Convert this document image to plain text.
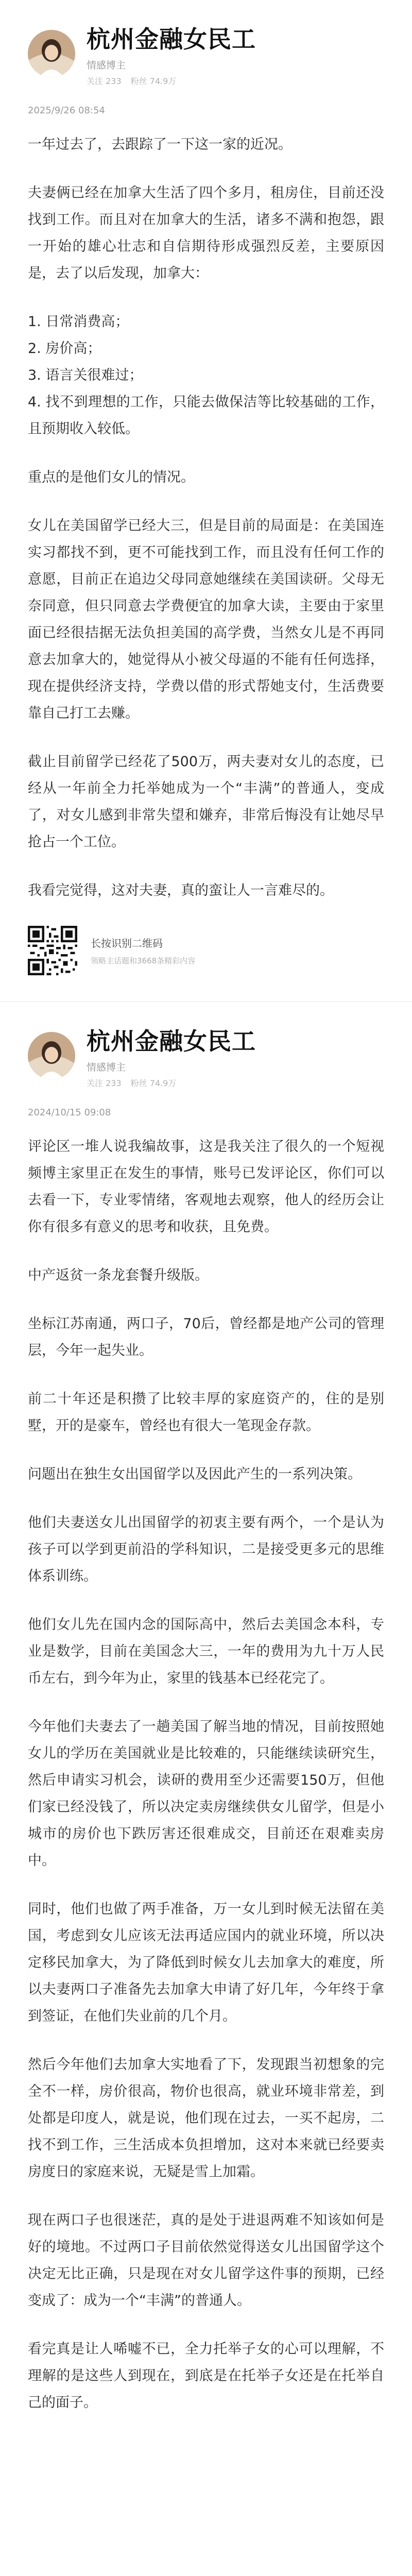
杭州金融女民工
情感博主
关注 233 粉丝 74.9万
2025/9/26 08:54

一年过去了，去跟踪了一下这一家的近况。

夫妻俩已经在加拿大生活了四个多月，租房住，目前还没找到工作。而且对在加拿大的生活，诸多不满和抱怨，跟一开始的雄心壮志和自信期待形成强烈反差，主要原因是，去了以后发现，加拿大：

1. 日常消费高；

2. 房价高；

3. 语言关很难过；

4. 找不到理想的工作，只能去做保洁等比较基础的工作，且预期收入较低。

重点的是他们女儿的情况。

女儿在美国留学已经大三，但是目前的局面是：在美国连实习都找不到，更不可能找到工作，而且没有任何工作的意愿，目前正在追边父母同意她继续在美国读研。父母无奈同意，但只同意去学费便宜的加拿大读，主要由于家里面已经很拮据无法负担美国的高学费，当然女儿是不再同意去加拿大的，她觉得从小被父母逼的不能有任何选择，现在提供经济支持，学费以借的形式帮她支付，生活费要靠自己打工去赚。

截止目前留学已经花了500万，两夫妻对女儿的态度，已经从一年前全力托举她成为一个“丰满”的普通人，变成了，对女儿感到非常失望和嫌弃，非常后悔没有让她尽早抢占一个工位。

我看完觉得，这对夫妻，真的蛮让人一言难尽的。

长按识别二维码
领略主话题和3668条精彩内容
杭州金融女民工
情感博主
关注 233 粉丝 74.9万
2024/10/15 09:08

评论区一堆人说我编故事，这是我关注了很久的一个短视频博主家里正在发生的事情，账号已发评论区，你们可以去看一下，专业零情绪，客观地去观察，他人的经历会让你有很多有意义的思考和收获，且免费。

中产返贫一条龙套餐升级版。

坐标江苏南通，两口子，70后，曾经都是地产公司的管理层，今年一起失业。

前二十年还是积攒了比较丰厚的家庭资产的，住的是别墅，开的是豪车，曾经也有很大一笔现金存款。

问题出在独生女出国留学以及因此产生的一系列决策。

他们夫妻送女儿出国留学的初衷主要有两个，一个是认为孩子可以学到更前沿的学科知识，二是接受更多元的思维体系训练。

他们女儿先在国内念的国际高中，然后去美国念本科，专业是数学，目前在美国念大三，一年的费用为九十万人民币左右，到今年为止，家里的钱基本已经花完了。

今年他们夫妻去了一趟美国了解当地的情况，目前按照她女儿的学历在美国就业是比较难的，只能继续读研究生，然后申请实习机会，读研的费用至少还需要150万，但他们家已经没钱了，所以决定卖房继续供女儿留学，但是小城市的房价也下跌厉害还很难成交，目前还在艰难卖房中。

同时，他们也做了两手准备，万一女儿到时候无法留在美国，考虑到女儿应该无法再适应国内的就业环境，所以决定移民加拿大，为了降低到时候女儿去加拿大的难度，所以夫妻两口子准备先去加拿大申请了好几年，今年终于拿到签证，在他们失业前的几个月。

然后今年他们去加拿大实地看了下，发现跟当初想象的完全不一样，房价很高，物价也很高，就业环境非常差，到处都是印度人，就是说，他们现在过去，一买不起房，二找不到工作，三生活成本负担增加，这对本来就已经要卖房度日的家庭来说，无疑是雪上加霜。

现在两口子也很迷茫，真的是处于进退两难不知该如何是好的境地。不过两口子目前依然觉得送女儿出国留学这个决定无比正确，只是现在对女儿留学这件事的预期，已经变成了：成为一个“丰满”的普通人。

看完真是让人唏嘘不已，全力托举子女的心可以理解，不理解的是这些人到现在，到底是在托举子女还是在托举自己的面子。
